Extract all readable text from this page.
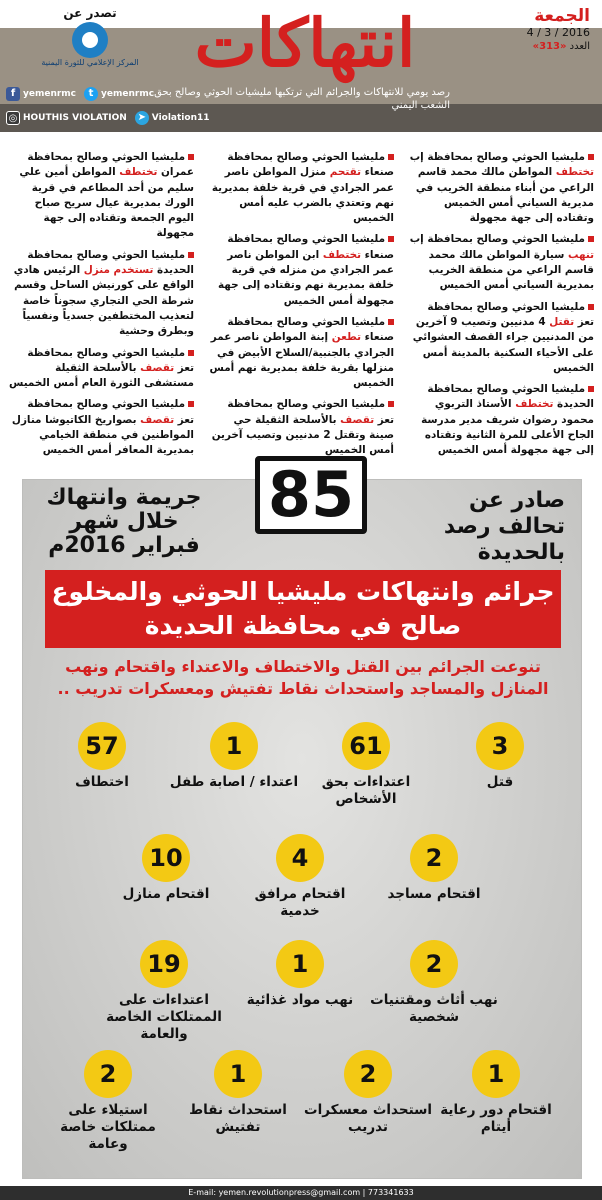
انتهاكات
رصد يومي للانتهاكات والجرائم التي ترتكبها مليشيات الحوثي وصالح بحق الشعب اليمني
الجمعة
2016 / 3 / 4
العدد «313»
تصدر عن
المركز الإعلامي للثورة اليمنية
f yemenrmc	t yemenrmc
◎ HOUTHIS VIOLATION ➤ Violation11

مليشيا الحوثي وصالح بمحافظة إب تختطف المواطن مالك محمد قاسم الراعي من أبناء منطقة الخريب في مديرية السياني أمس الخميس وتقتاده إلى جهة مجهولة

مليشيا الحوثي وصالح بمحافظة إب تنهب سيارة المواطن مالك محمد قاسم الراعي من منطقة الخريب بمديرية السياني أمس الخميس

مليشيا الحوثي وصالح بمحافظة تعز تقتل 4 مدنيين وتصيب 9 آخرين من المدنيين جراء القصف العشوائي على الأحياء السكنية بالمدينة أمس الخميس

مليشيا الحوثي وصالح بمحافظة الحديدة تختطف الأستاذ التربوي محمود رضوان شريف مدير مدرسة الجاح الأعلى للمرة الثانية وتقتاده إلى جهة مجهولة أمس الخميس

مليشيا الحوثي وصالح بمحافظة صنعاء تقتحم منزل المواطن ناصر عمر الجرادي في قرية خلفة بمديرية نهم وتعتدي بالضرب عليه أمس الخميس

مليشيا الحوثي وصالح بمحافظة صنعاء تختطف ابن المواطن ناصر عمر الجرادي من منزله في قرية خلفة بمديرية نهم وتقتاده إلى جهة مجهولة أمس الخميس

مليشيا الحوثي وصالح بمحافظة صنعاء تطعن إبنة المواطن ناصر عمر الجرادي بالجنبية/السلاح الأبيض في منزلها بقرية خلفة بمديرية نهم أمس الخميس

مليشيا الحوثي وصالح بمحافظة تعز تقصف بالأسلحة الثقيلة حي صينة وتقتل 2 مدنيين وتصيب آخرين أمس الخميس

مليشيا الحوثي وصالح بمحافظة عمران تختطف المواطن أمين علي سليم من أحد المطاعم في قرية الورك بمديرية عيال سريح صباح اليوم الجمعة وتقتاده إلى جهة مجهولة

مليشيا الحوثي وصالح بمحافظة الحديدة تستخدم منزل الرئيس هادي الواقع على كورنيش الساحل وقسم شرطة الحي التجاري سجوناً خاصة لتعذيب المختطفين جسدياً ونفسياً وبطرق وحشية

مليشيا الحوثي وصالح بمحافظة تعز تقصف بالأسلحة الثقيلة مستشفى الثورة العام أمس الخميس

مليشيا الحوثي وصالح بمحافظة تعز تقصف بصواريخ الكاتيوشا منازل المواطنين في منطقة الخيامي بمديرية المعافر أمس الخميس

صادر عن تحالف رصد بالحديدة
جريمة وانتهاك خلال شهر فبراير 2016م
85
جرائم وانتهاكات مليشيا الحوثي والمخلوع صالح في محافظة الحديدة
تنوعت الجرائم بين القتل والاختطاف والاعتداء واقتحام ونهب المنازل والمساجد واستحداث نقاط تفتيش ومعسكرات تدريب ..
3
قتل
61
اعتداءات بحق الأشخاص
1
اعتداء / اصابة طفل
57
اختطاف
2
اقتحام مساجد
4
اقتحام مرافق خدمية
10
اقتحام منازل
2
نهب أثاث ومقتنيات شخصية
1
نهب مواد غذائية
19
اعتداءات على الممتلكات الخاصة والعامة
1
اقتحام دور رعاية أيتام
2
استحداث معسكرات تدريب
1
استحداث نقاط تفتيش
2
استيلاء على ممتلكات خاصة وعامة
E-mail: yemen.revolutionpress@gmail.com | 773341633
